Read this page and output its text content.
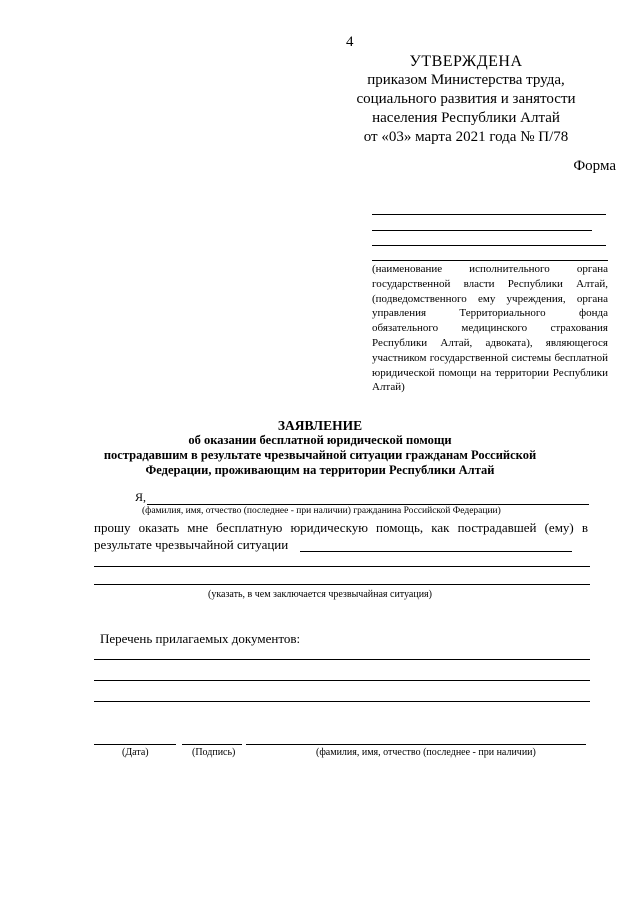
4
УТВЕРЖДЕНА
приказом Министерства труда,
социального развития и занятости
населения Республики Алтай
от «03» марта 2021 года № П/78
Форма
(наименование исполнительного органа государственной власти Республики Алтай, (подведомственного ему учреждения, органа управления Территориального фонда обязательного медицинского страхования Республики Алтай, адвоката), являющегося участником государственной системы бесплатной юридической помощи на территории Республики Алтай)
ЗАЯВЛЕНИЕ
об оказании бесплатной юридической помощи
пострадавшим в результате чрезвычайной ситуации гражданам Российской
Федерации, проживающим на территории Республики Алтай
Я,
(фамилия, имя, отчество (последнее - при наличии) гражданина Российской Федерации)
прошу оказать мне бесплатную юридическую помощь, как пострадавшей (ему) в
результате чрезвычайной ситуации
(указать, в чем заключается чрезвычайная ситуация)
Перечень прилагаемых документов:
(Дата)	(Подпись)	(фамилия, имя, отчество (последнее - при наличии)
